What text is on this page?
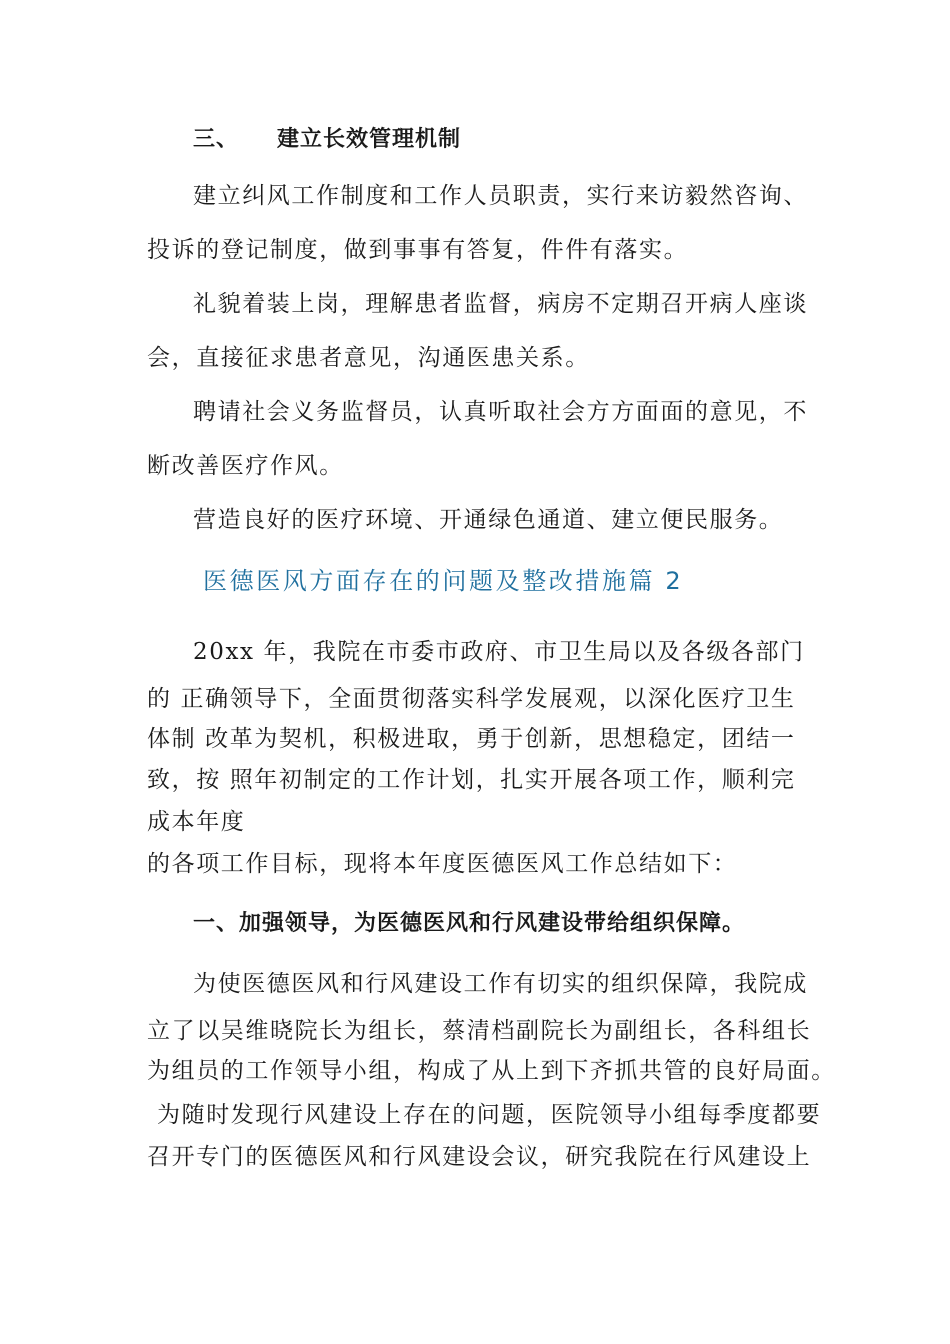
三、 建立长效管理机制
建立纠风工作制度和工作人员职责，实行来访毅然咨询、
投诉的登记制度，做到事事有答复，件件有落实。
礼貌着装上岗，理解患者监督，病房不定期召开病人座谈
会，直接征求患者意见，沟通医患关系。
聘请社会义务监督员，认真听取社会方方面面的意见，不
断改善医疗作风。
营造良好的医疗环境、开通绿色通道、建立便民服务。
医德医风方面存在的问题及整改措施篇 2
20xx 年，我院在市委市政府、市卫生局以及各级各部门
的 正确领导下，全面贯彻落实科学发展观，以深化医疗卫生
体制 改革为契机，积极进取，勇于创新，思想稳定，团结一
致，按 照年初制定的工作计划，扎实开展各项工作，顺利完
成本年度
的各项工作目标，现将本年度医德医风工作总结如下：
一、加强领导，为医德医风和行风建设带给组织保障。
为使医德医风和行风建设工作有切实的组织保障，我院成
立了以吴维晓院长为组长，蔡清档副院长为副组长，各科组长
为组员的工作领导小组，构成了从上到下齐抓共管的良好局面。
为随时发现行风建设上存在的问题，医院领导小组每季度都要
召开专门的医德医风和行风建设会议，研究我院在行风建设上
